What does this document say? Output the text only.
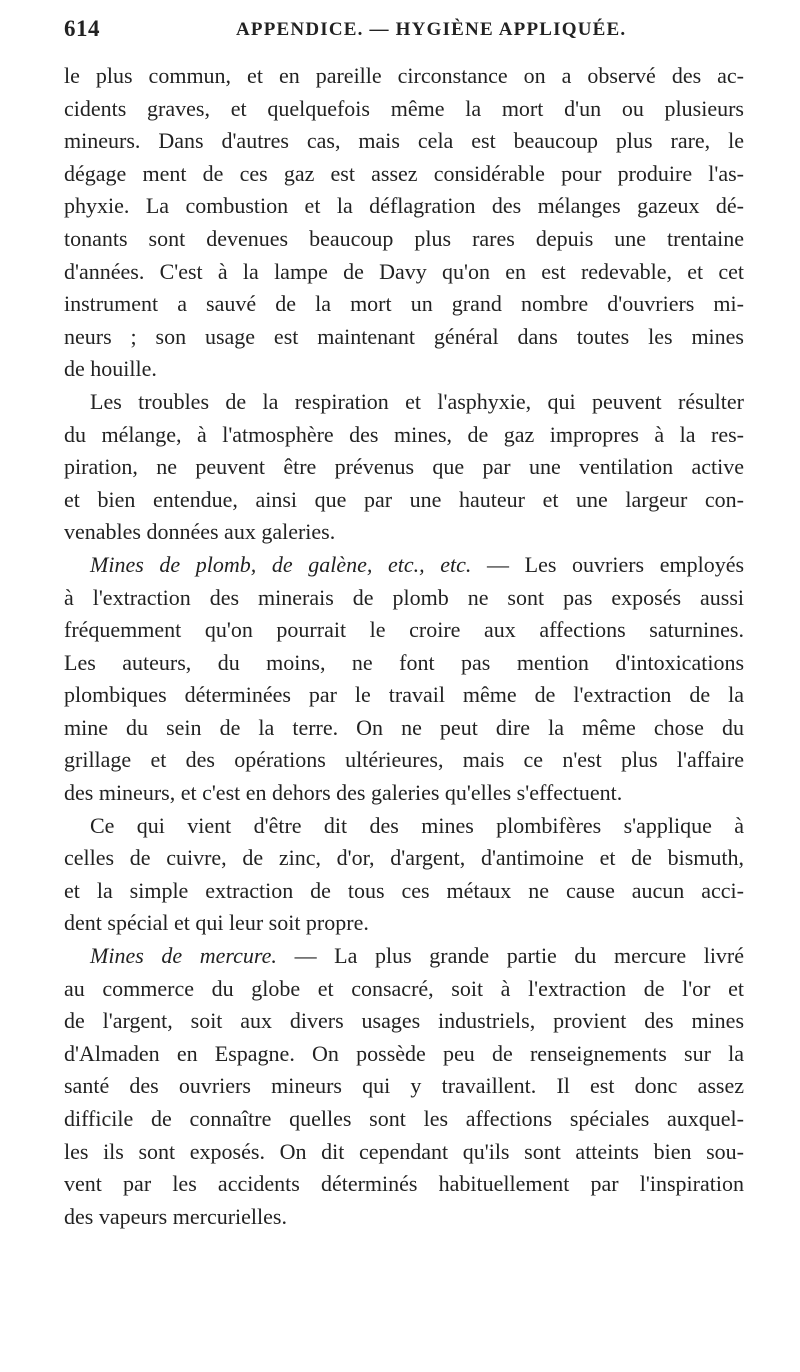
614	APPENDICE. — HYGIÈNE APPLIQUÉE.
le plus commun, et en pareille circonstance on a observé des ac-
cidents graves, et quelquefois même la mort d'un ou plusieurs
mineurs. Dans d'autres cas, mais cela est beaucoup plus rare, le
dégage ment de ces gaz est assez considérable pour produire l'as-
phyxie. La combustion et la déflagration des mélanges gazeux dé-
tonants sont devenues beaucoup plus rares depuis une trentaine
d'années. C'est à la lampe de Davy qu'on en est redevable, et cet
instrument a sauvé de la mort un grand nombre d'ouvriers mi-
neurs ; son usage est maintenant général dans toutes les mines
de houille.
Les troubles de la respiration et l'asphyxie, qui peuvent résulter
du mélange, à l'atmosphère des mines, de gaz impropres à la res-
piration, ne peuvent être prévenus que par une ventilation active
et bien entendue, ainsi que par une hauteur et une largeur con-
venables données aux galeries.
Mines de plomb, de galène, etc., etc. — Les ouvriers employés
à l'extraction des minerais de plomb ne sont pas exposés aussi
fréquemment qu'on pourrait le croire aux affections saturnines.
Les auteurs, du moins, ne font pas mention d'intoxications
plombiques déterminées par le travail même de l'extraction de la
mine du sein de la terre. On ne peut dire la même chose du
grillage et des opérations ultérieures, mais ce n'est plus l'affaire
des mineurs, et c'est en dehors des galeries qu'elles s'effectuent.
Ce qui vient d'être dit des mines plombifères s'applique à
celles de cuivre, de zinc, d'or, d'argent, d'antimoine et de bismuth,
et la simple extraction de tous ces métaux ne cause aucun acci-
dent spécial et qui leur soit propre.
Mines de mercure. — La plus grande partie du mercure livré
au commerce du globe et consacré, soit à l'extraction de l'or et
de l'argent, soit aux divers usages industriels, provient des mines
d'Almaden en Espagne. On possède peu de renseignements sur la
santé des ouvriers mineurs qui y travaillent. Il est donc assez
difficile de connaître quelles sont les affections spéciales auxquel-
les ils sont exposés. On dit cependant qu'ils sont atteints bien sou-
vent par les accidents déterminés habituellement par l'inspiration
des vapeurs mercurielles.
